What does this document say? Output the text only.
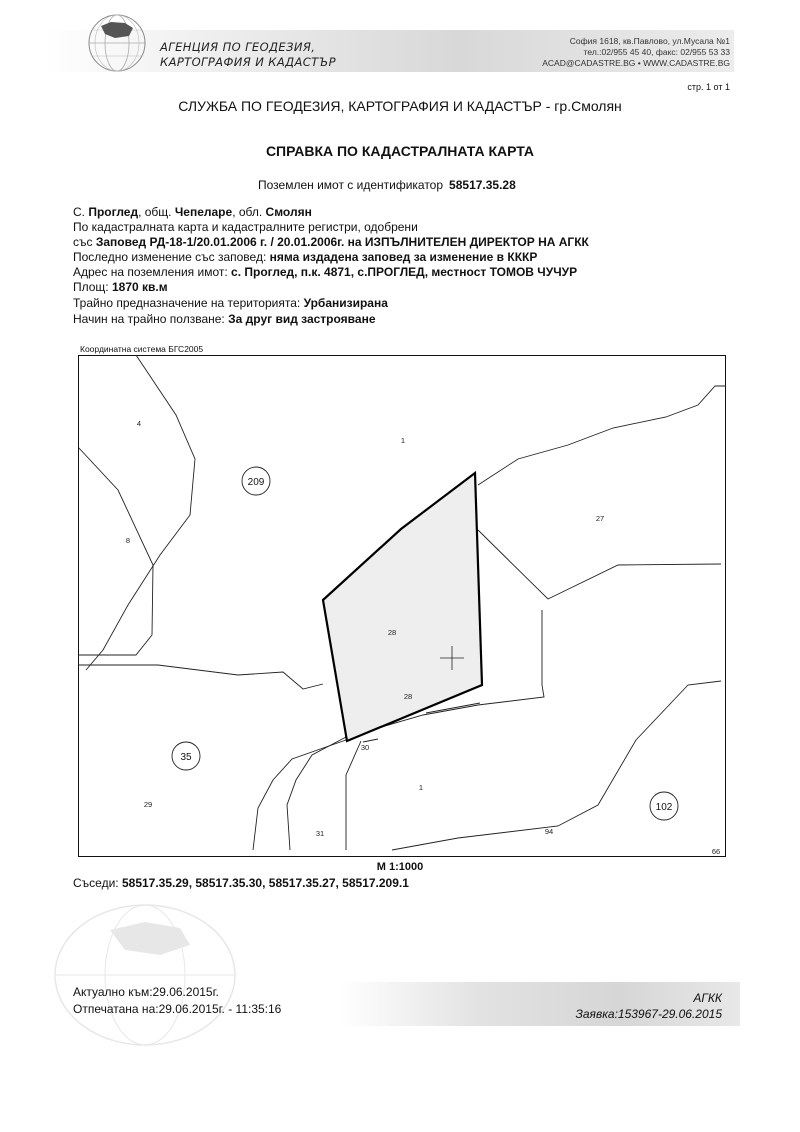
АГЕНЦИЯ ПО ГЕОДЕЗИЯ,
КАРТОГРАФИЯ И КАДАСТЪР
София 1618, кв.Павлово, ул.Мусала №1
тел.:02/955 45 40, факс: 02/955 53 33
ACAD@CADASTRE.BG • WWW.CADASTRE.BG
стр. 1 от 1
СЛУЖБА ПО ГЕОДЕЗИЯ, КАРТОГРАФИЯ И КАДАСТЪР - гр.Смолян
СПРАВКА ПО КАДАСТРАЛНАТА КАРТА
Поземлен имот с идентификатор 58517.35.28
С. Проглед, общ. Чепеларе, обл. Смолян
По кадастралната карта и кадастралните регистри, одобрени
със Заповед РД-18-1/20.01.2006 г. / 20.01.2006г. на ИЗПЪЛНИТЕЛЕН ДИРЕКТОР НА АГКК
Последно изменение със заповед: няма издадена заповед за изменение в КККР
Адрес на поземления имот: с. Проглед, п.к. 4871, с.ПРОГЛЕД, местност ТОМОВ ЧУЧУР
Площ: 1870 кв.м
Трайно предназначение на територията: Урбанизирана
Начин на трайно ползване: За друг вид застрояване
Координатна система БГС2005
4
1
27
8
28
28
30
29
1
31	94
66
209
35
102
М 1:1000
Съседи: 58517.35.29, 58517.35.30, 58517.35.27, 58517.209.1
Актуално към:29.06.2015г.
Отпечатана на:29.06.2015г. - 11:35:16
АГКК
Заявка:153967-29.06.2015
